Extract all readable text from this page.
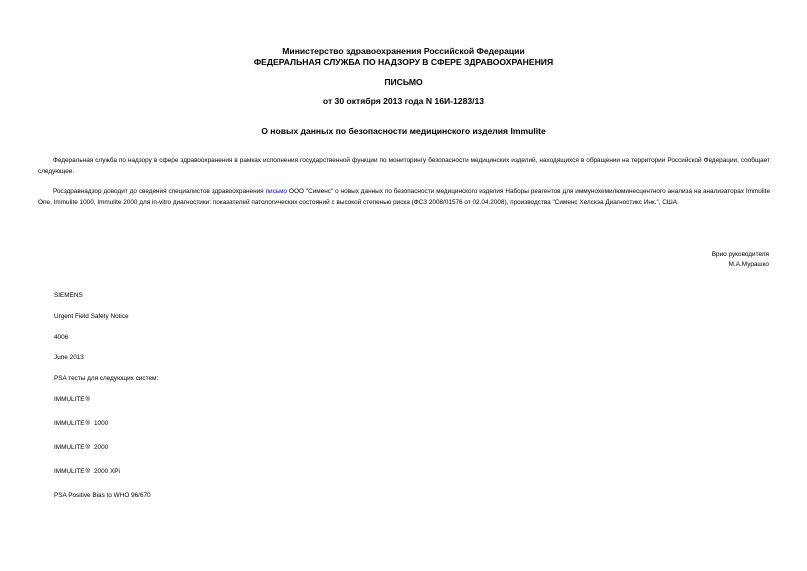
Министерство здравоохранения Российской Федерации
ФЕДЕРАЛЬНАЯ СЛУЖБА ПО НАДЗОРУ В СФЕРЕ ЗДРАВООХРАНЕНИЯ
ПИСЬМО
от 30 октября 2013 года N 16И-1283/13
О новых данных по безопасности медицинского изделия Immulite
Федеральная служба по надзору в сфере здравоохранения в рамках исполнения государственной функции по мониторингу безопасности медицинских изделий, находящихся в обращении на территории Российской Федерации, сообщает следующее.
Росздравнадзор доводит до сведения специалистов здравоохранения письмо ООО "Сименс" о новых данных по безопасности медицинского изделия Наборы реагентов для иммунохемилюминесцентного анализа на анализаторах Immulite One, Immulite 1000, Immulite 2000 для in-vitro диагностики: показателей патологических состояний с высокой степенью риска (ФСЗ 2008/01576 от 02.04.2008), производства "Сименс Хелскэа Диагностикс Инк.", США.
Врио руководителя
М.А.Мурашко
SIEMENS
Urgent Field Safety Notice
4006
June 2013
PSA тесты для следующих систем:
IMMULITE®
IMMULITE® 1000
IMMULITE® 2000
IMMULITE® 2000 XPi
PSA Positive Bias to WHO 96/670
